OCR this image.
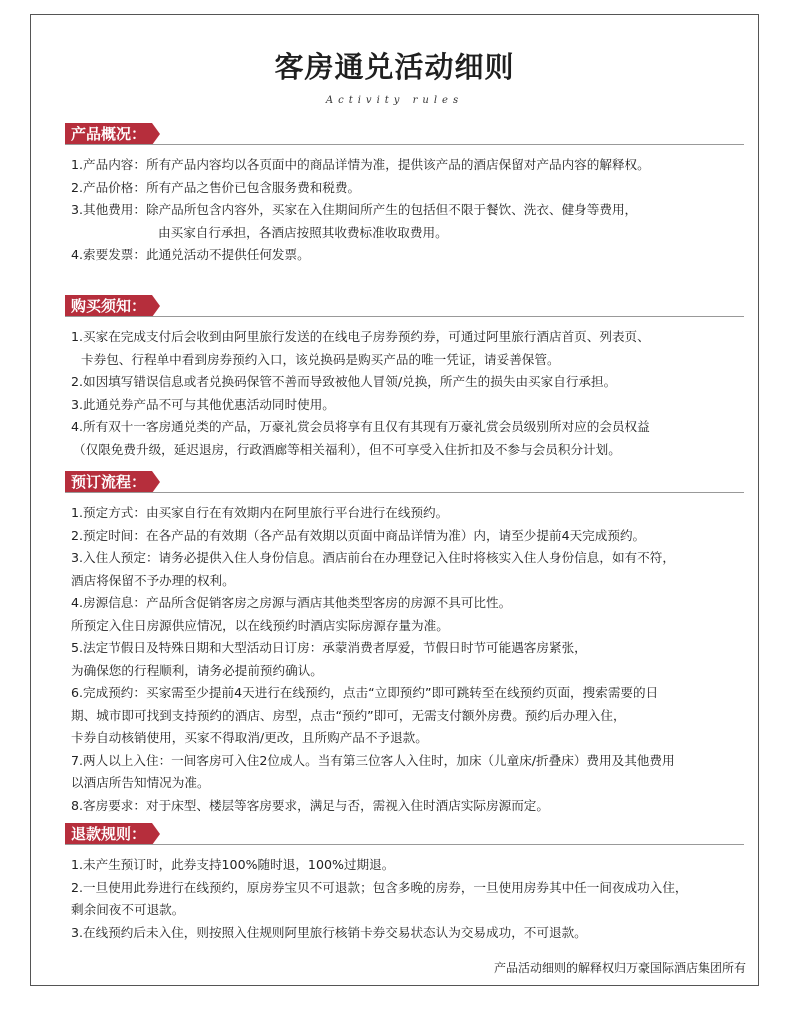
客房通兑活动细则
Activity rules
产品概况：
1.产品内容：所有产品内容均以各页面中的商品详情为准，提供该产品的酒店保留对产品内容的解释权。
2.产品价格：所有产品之售价已包含服务费和税费。
3.其他费用：除产品所包含内容外，买家在入住期间所产生的包括但不限于餐饮、洗衣、健身等费用，
由买家自行承担，各酒店按照其收费标准收取费用。
4.索要发票：此通兑活动不提供任何发票。
购买须知：
1.买家在完成支付后会收到由阿里旅行发送的在线电子房券预约券，可通过阿里旅行酒店首页、列表页、
卡券包、行程单中看到房券预约入口，该兑换码是购买产品的唯一凭证，请妥善保管。
2.如因填写错误信息或者兑换码保管不善而导致被他人冒领/兑换，所产生的损失由买家自行承担。
3.此通兑券产品不可与其他优惠活动同时使用。
4.所有双十一客房通兑类的产品，万豪礼赏会员将享有且仅有其现有万豪礼赏会员级别所对应的会员权益
（仅限免费升级，延迟退房，行政酒廊等相关福利），但不可享受入住折扣及不参与会员积分计划。
预订流程：
1.预定方式：由买家自行在有效期内在阿里旅行平台进行在线预约。
2.预定时间：在各产品的有效期（各产品有效期以页面中商品详情为准）内，请至少提前4天完成预约。
3.入住人预定：请务必提供入住人身份信息。酒店前台在办理登记入住时将核实入住人身份信息，如有不符，
酒店将保留不予办理的权利。
4.房源信息：产品所含促销客房之房源与酒店其他类型客房的房源不具可比性。
所预定入住日房源供应情况，以在线预约时酒店实际房源存量为准。
5.法定节假日及特殊日期和大型活动日订房：承蒙消费者厚爱，节假日时节可能遇客房紧张，
为确保您的行程顺利，请务必提前预约确认。
6.完成预约：买家需至少提前4天进行在线预约，点击“立即预约”即可跳转至在线预约页面，搜索需要的日
期、城市即可找到支持预约的酒店、房型，点击“预约”即可，无需支付额外房费。预约后办理入住，
卡券自动核销使用，买家不得取消/更改，且所购产品不予退款。
7.两人以上入住：一间客房可入住2位成人。当有第三位客人入住时，加床（儿童床/折叠床）费用及其他费用
以酒店所告知情况为准。
8.客房要求：对于床型、楼层等客房要求，满足与否，需视入住时酒店实际房源而定。
退款规则：
1.未产生预订时，此券支持100%随时退，100%过期退。
2.一旦使用此券进行在线预约，原房券宝贝不可退款；包含多晚的房券，一旦使用房券其中任一间夜成功入住，
剩余间夜不可退款。
3.在线预约后未入住，则按照入住规则阿里旅行核销卡券交易状态认为交易成功，不可退款。
产品活动细则的解释权归万豪国际酒店集团所有
